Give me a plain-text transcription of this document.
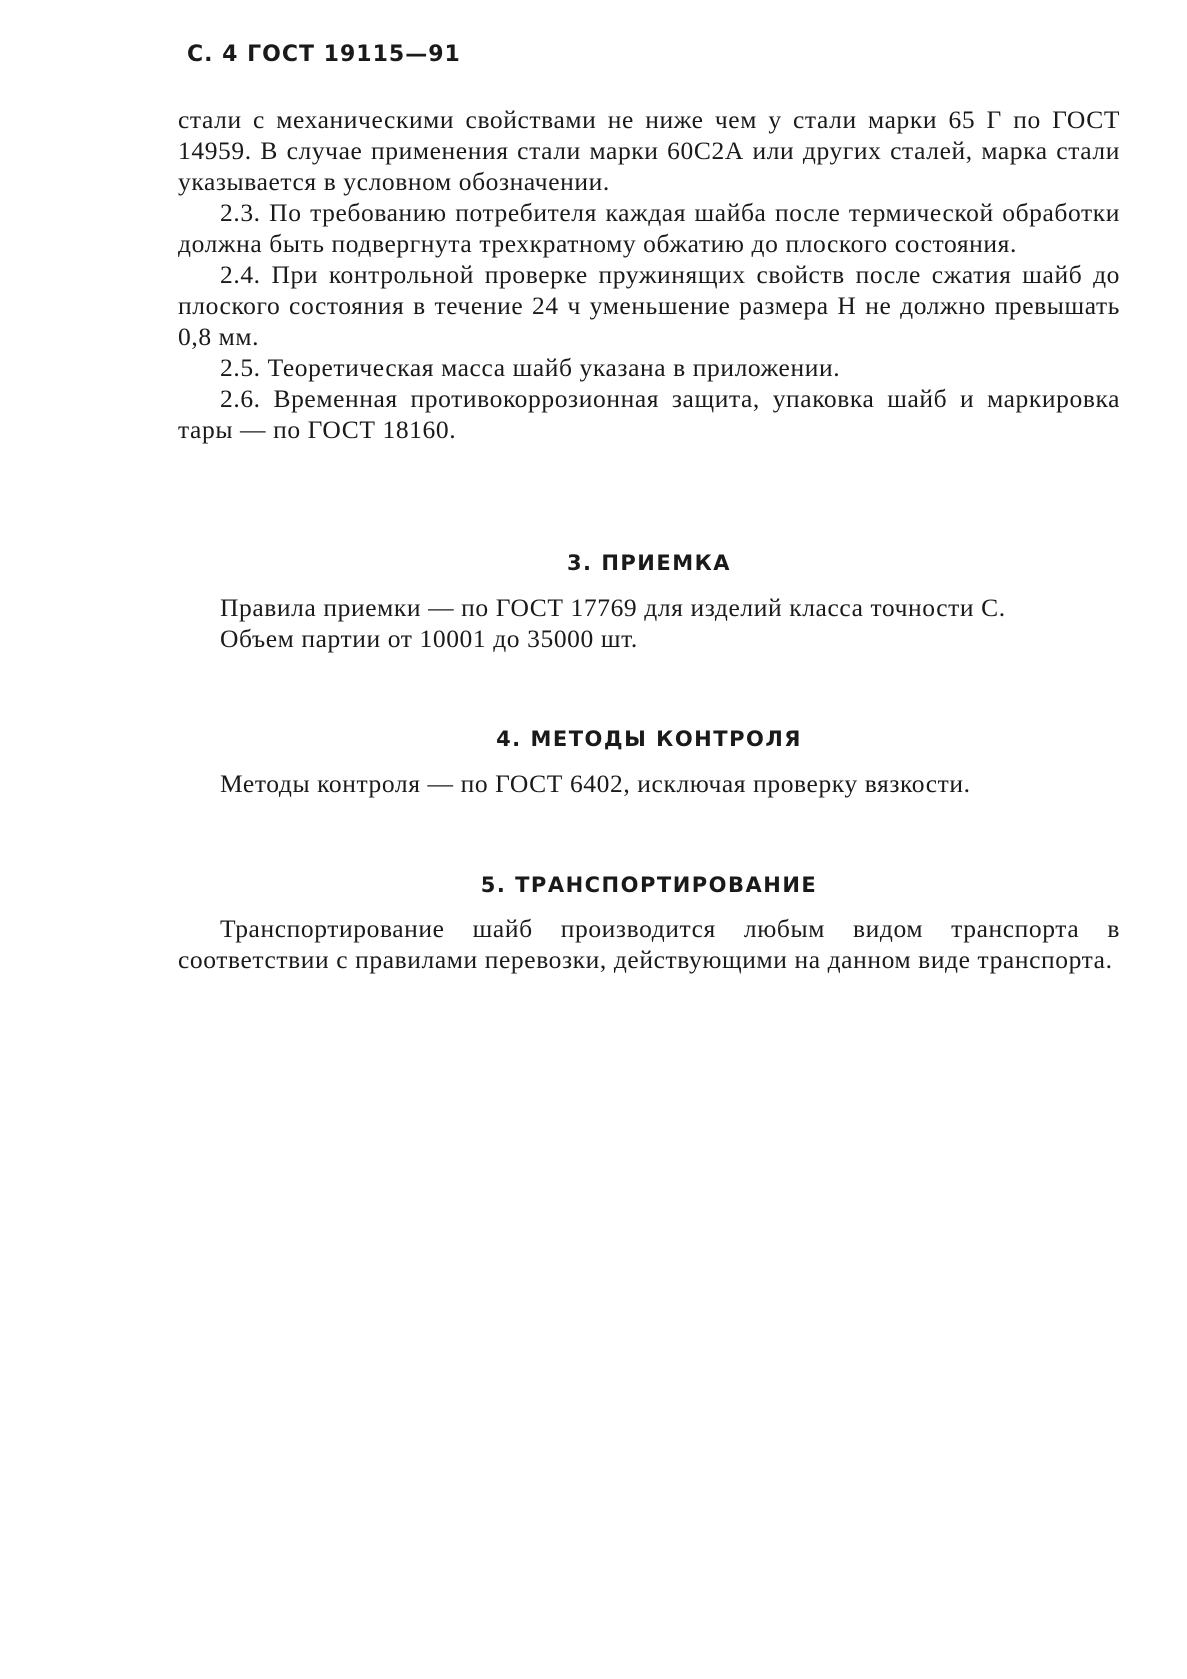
С. 4 ГОСТ 19115—91

стали с механическими свойствами не ниже чем у стали марки 65 Г по ГОСТ 14959. В случае применения стали марки 60С2А или других сталей, марка стали указывается в условном обозначении.

2.3. По требованию потребителя каждая шайба после термической обработки должна быть подвергнута трехкратному обжатию до плоского состояния.

2.4. При контрольной проверке пружинящих свойств после сжатия шайб до плоского состояния в течение 24 ч уменьшение размера Н не должно превышать 0,8 мм.

2.5. Теоретическая масса шайб указана в приложении.

2.6. Временная противокоррозионная защита, упаковка шайб и маркировка тары — по ГОСТ 18160.

3. ПРИЕМКА

Правила приемки — по ГОСТ 17769 для изделий класса точности С.

Объем партии от 10001 до 35000 шт.

4. МЕТОДЫ КОНТРОЛЯ

Методы контроля — по ГОСТ 6402, исключая проверку вязкости.

5. ТРАНСПОРТИРОВАНИЕ

Транспортирование шайб производится любым видом транспорта в соответствии с правилами перевозки, действующими на данном виде транспорта.
